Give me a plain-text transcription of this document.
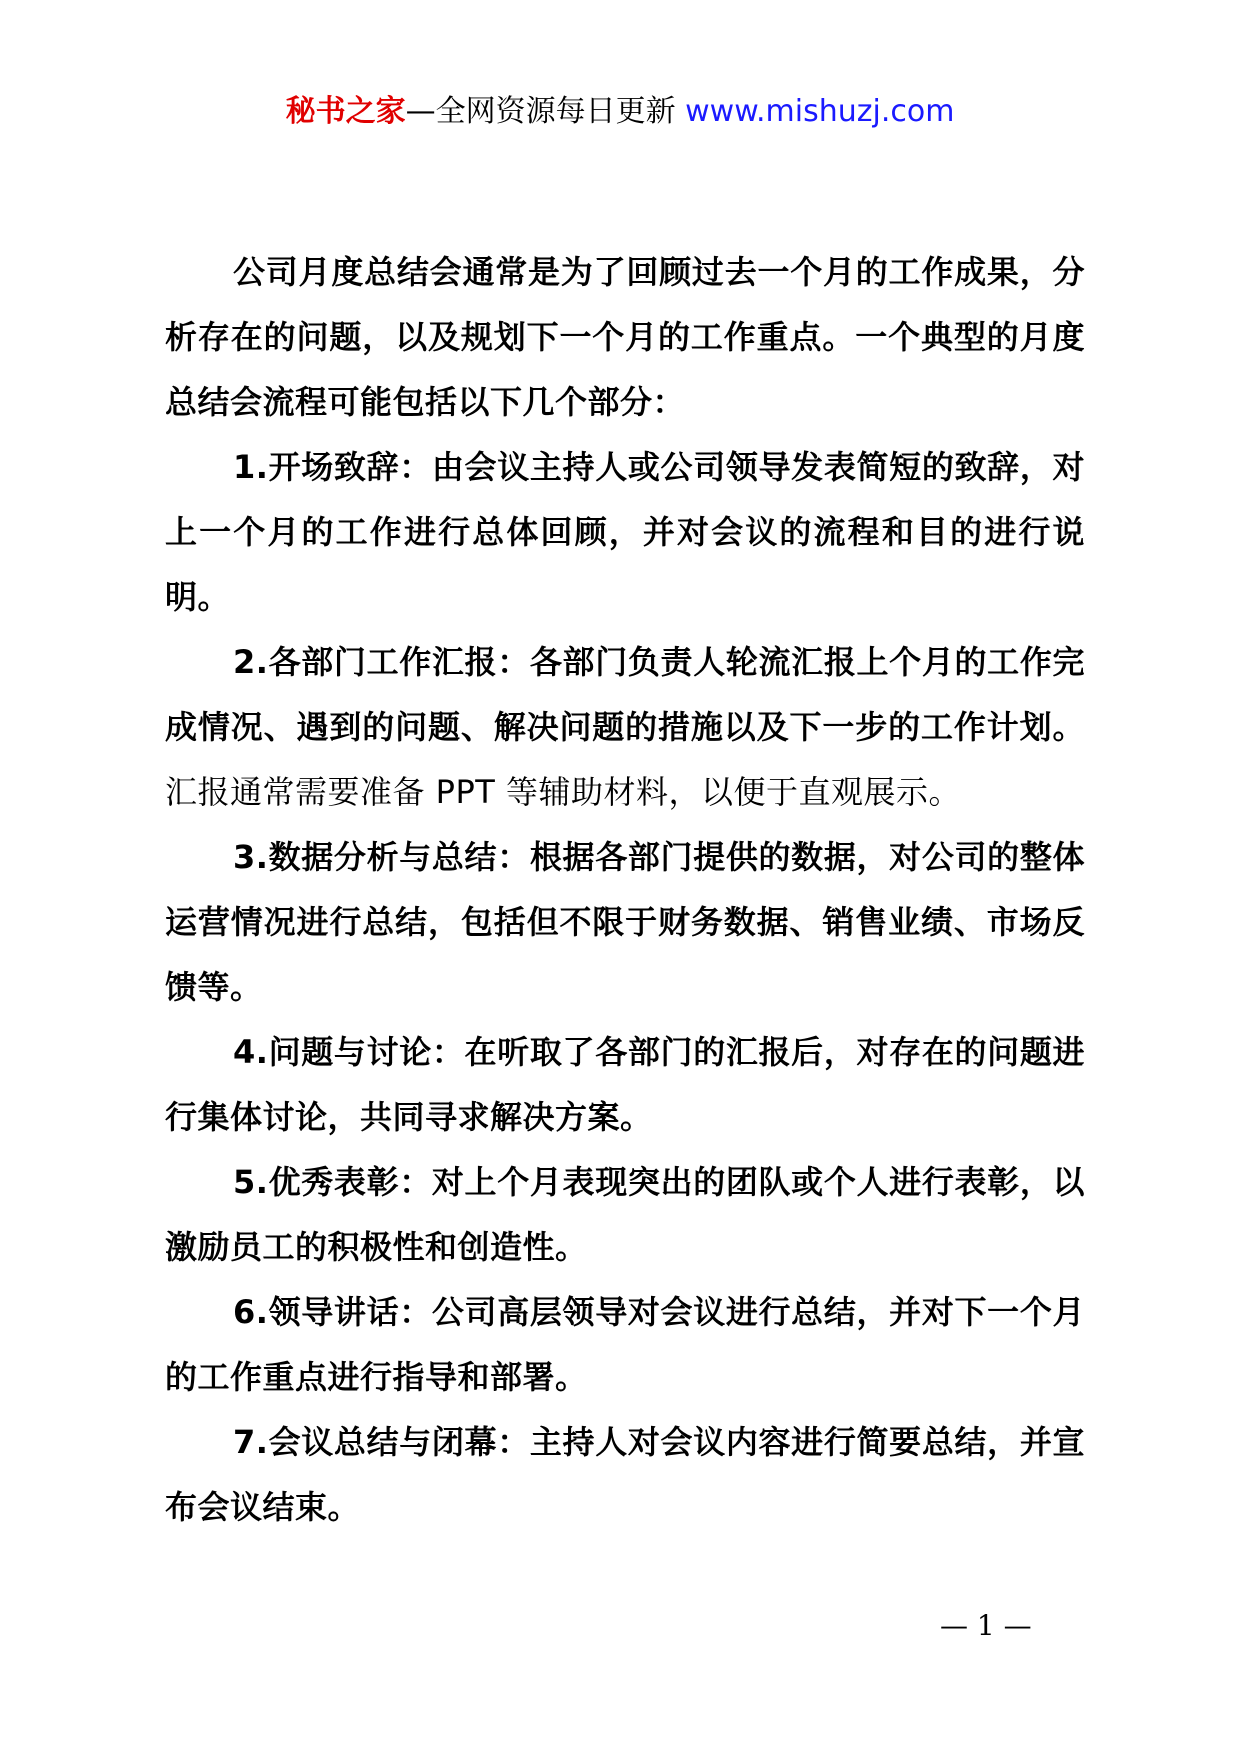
秘书之家—全网资源每日更新 www.mishuzj.com

公司月度总结会通常是为了回顾过去一个月的工作成果，分析存在的问题，以及规划下一个月的工作重点。一个典型的月度　总结会流程可能包括以下几个部分：

1.开场致辞：由会议主持人或公司领导发表简短的致辞，对上一个月的工作进行总体回顾，并对会议的流程和目的进行说明。

2.各部门工作汇报：各部门负责人轮流汇报上个月的工作完成情况、遇到的问题、解决问题的措施以及下一步的工作计划。汇报通常需要准备 PPT 等辅助材料，以便于直观展示。

3.数据分析与总结：根据各部门提供的数据，对公司的整体运营情况进行总结，包括但不限于财务数据、销售业绩、市场反馈等。

4.问题与讨论：在听取了各部门的汇报后，对存在的问题进行集体讨论，共同寻求解决方案。

5.优秀表彰：对上个月表现突出的团队或个人进行表彰，以激励员工的积极性和创造性。

6.领导讲话：公司高层领导对会议进行总结，并对下一个月的工作重点进行指导和部署。

7.会议总结与闭幕：主持人对会议内容进行简要总结，并宣布会议结束。

— 1 —
